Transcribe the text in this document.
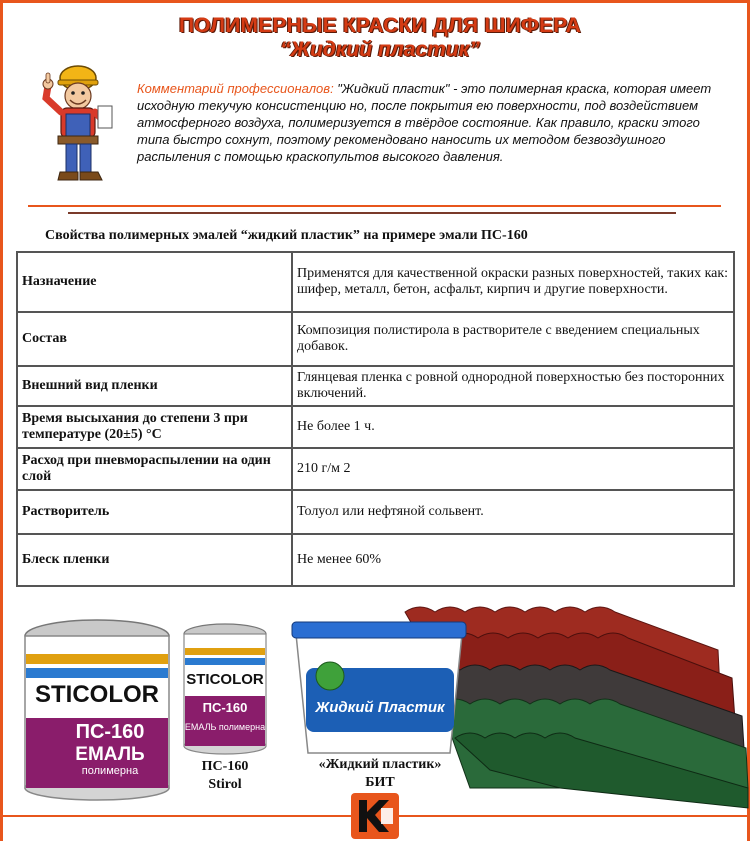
ПОЛИМЕРНЫЕ КРАСКИ ДЛЯ ШИФЕРА
“Жидкий пластик”
Комментарий профессионалов: "Жидкий пластик" - это полимерная краска, которая имеет исходную текучую консистенцию но, после покрытия ею поверхности, под воздействием атмосферного воздуха, полимеризуется в твёрдое состояние. Как правило, краски этого типа быстро сохнут, поэтому рекомендовано наносить их методом безвоздушного распыления с помощью краскопультов высокого давления.
Свойства полимерных эмалей “жидкий пластик” на примере эмали ПС-160
Назначение	Применятся для качественной окраски разных поверхностей, таких как: шифер, металл, бетон, асфальт, кирпич и другие поверхности.
Состав	Композиция полистирола в растворителе с введением специальных добавок.
Внешний вид пленки	Глянцевая пленка с ровной однородной поверхностью без посторонних включений.
Время высыхания до степени 3 при температуре (20±5) °С	Не более 1 ч.
Расход при пневмораспылении на один слой	210 г/м 2
Растворитель	Толуол или нефтяной сольвент.
Блеск пленки	Не менее 60%
STICOLOR
ПС-160
ЕМАЛЬ
полимерна
STICOLOR
ПС-160
ЕМАЛЬ полимерна
Жидкий Пластик
ПС-160
Stirol
«Жидкий пластик»
БИТ
